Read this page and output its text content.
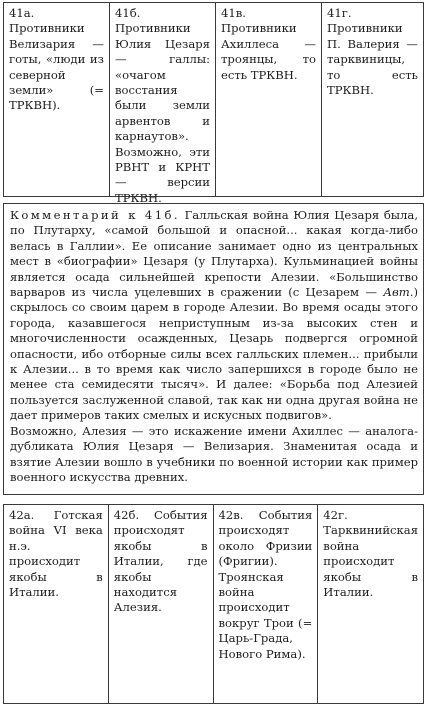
41a. Противники Велизария — готы, «люди из северной земли» (= ТРКВН).
41б. Противники Юлия Цезаря — галлы: «очагом восстания были земли арвентов и карнаутов». Возможно, эти РВНТ и КРНТ — версии ТРКВН.
41в. Противники Ахиллеса — троянцы, то есть ТРКВН.
41г. Противники П. Валерия — тарквиницы, то есть ТРКВН.

Комментарий к 41б. Галльская война Юлия Цезаря была, по Плутарху, «самой большой и опасной... какая когда-либо велась в Галлии». Ее описание занимает одно из центральных мест в «биографии» Цезаря (у Плутарха). Кульминацией войны является осада сильнейшей крепости Алезии. «Большинство варваров из числа уцелевших в сражении (с Цезарем — Авт.) скрылось со своим царем в городе Алезии. Во время осады этого города, казавшегося неприступным из-за высоких стен и многочисленности осажденных, Цезарь подвергся огромной опасности, ибо отборные силы всех галльских племен... прибыли к Алезии... в то время как число запершихся в городе было не менее ста семидесяти тысяч». И далее: «Борьба под Алезией пользуется заслуженной славой, так как ни одна другая война не дает примеров таких смелых и искусных подвигов».

Возможно, Алезия — это искажение имени Ахиллес — аналога-дубликата Юлия Цезаря — Велизария. Знаменитая осада и взятие Алезии вошло в учебники по военной истории как пример военного искусства древних.

42а. Готская война VI века н.э. происходит якобы в Италии.
42б. События происходят якобы в Италии, где якобы находится Алезия.
42в. События происходят около Фризии (Фригии). Троянская война происходит вокруг Трои (= Царь-Града, Нового Рима).
42г. Тарквинийская война происходит якобы в Италии.
